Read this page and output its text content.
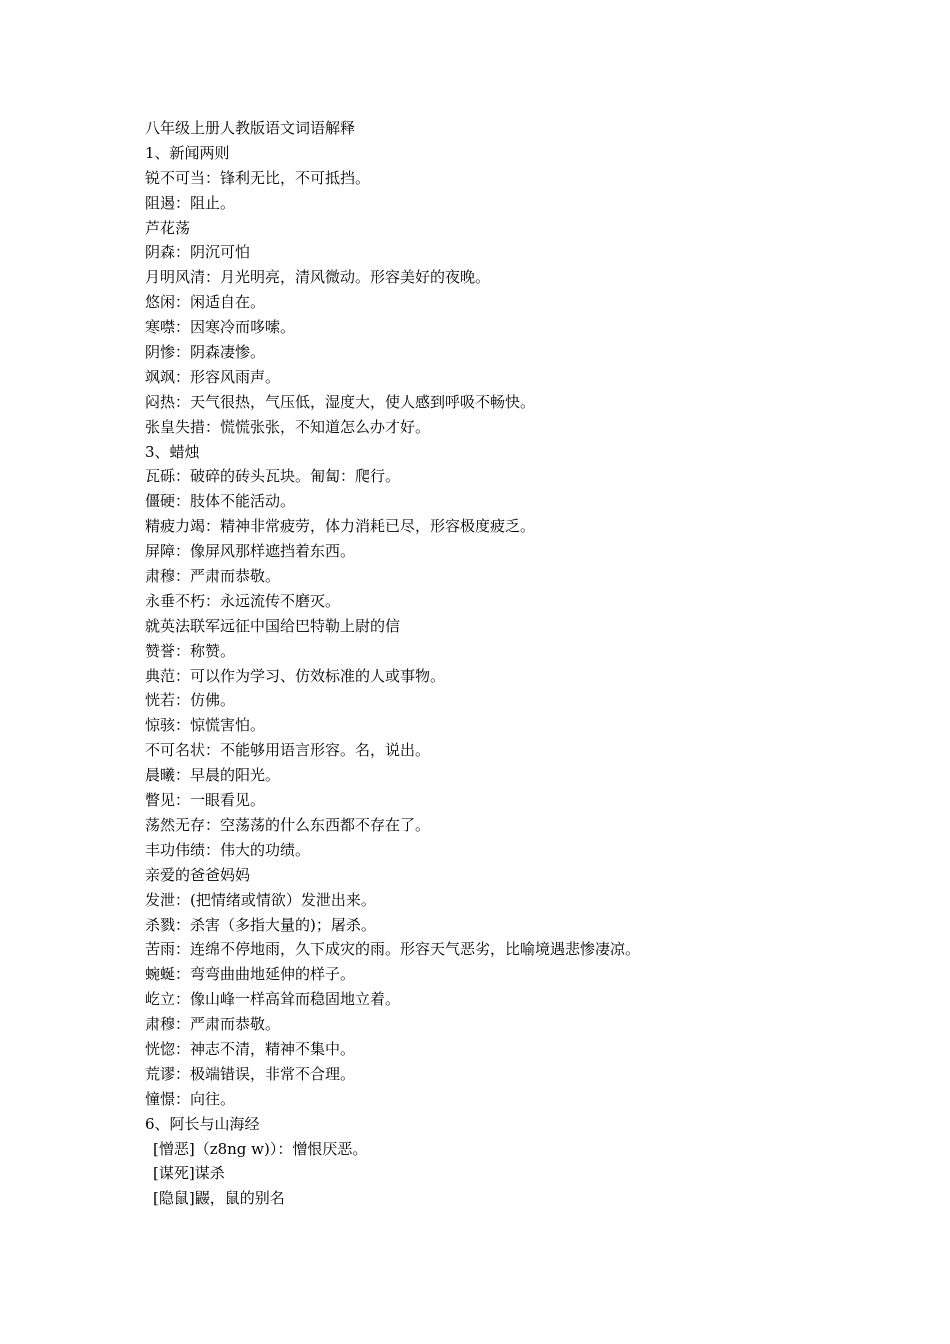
八年级上册人教版语文词语解释
1、新闻两则
锐不可当：锋利无比，不可抵挡。
阻遏：阻止。
芦花荡
阴森：阴沉可怕
月明风清：月光明亮，清风微动。形容美好的夜晚。
悠闲：闲适自在。
寒噤：因寒冷而哆嗦。
阴惨：阴森凄惨。
飒飒：形容风雨声。
闷热：天气很热，气压低，湿度大，使人感到呼吸不畅快。
张皇失措：慌慌张张，不知道怎么办才好。
3、蜡烛
瓦砾：破碎的砖头瓦块。匍匐：爬行。
僵硬：肢体不能活动。
精疲力竭：精神非常疲劳，体力消耗已尽，形容极度疲乏。
屏障：像屏风那样遮挡着东西。
肃穆：严肃而恭敬。
永垂不朽：永远流传不磨灭。
就英法联军远征中国给巴特勒上尉的信
赞誉：称赞。
典范：可以作为学习、仿效标准的人或事物。
恍若：仿佛。
惊骇：惊慌害怕。
不可名状：不能够用语言形容。名，说出。
晨曦：早晨的阳光。
瞥见：一眼看见。
荡然无存：空荡荡的什么东西都不存在了。
丰功伟绩：伟大的功绩。
亲爱的爸爸妈妈
发泄：(把情绪或情欲）发泄出来。
杀戮：杀害（多指大量的)；屠杀。
苦雨：连绵不停地雨，久下成灾的雨。形容天气恶劣，比喻境遇悲惨凄凉。
蜿蜒：弯弯曲曲地延伸的样子。
屹立：像山峰一样高耸而稳固地立着。
肃穆：严肃而恭敬。
恍惚：神志不清，精神不集中。
荒谬：极端错误，非常不合理。
憧憬：向往。
6、阿长与山海经
[憎恶]（z8ng w)）：憎恨厌恶。
[谋死]谋杀
[隐鼠]鼹，鼠的别名
